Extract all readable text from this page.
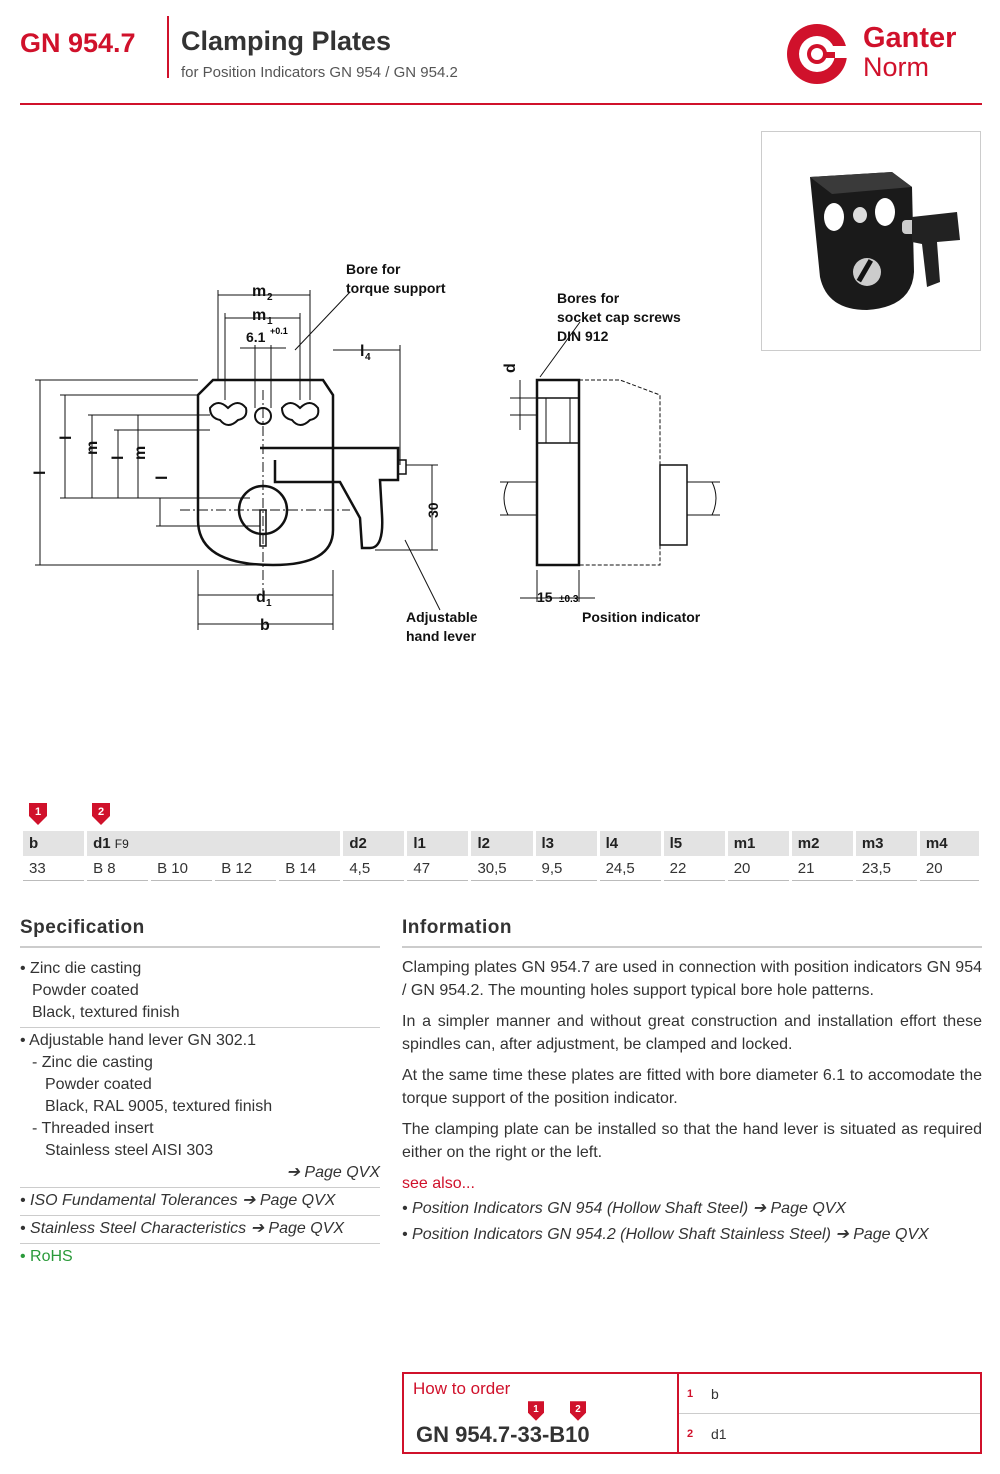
GN 954.7 Clamping Plates
for Position Indicators GN 954 / GN 954.2
Ganter
Norm
Bore for
torque support
Bores for
socket cap screws
DIN 912
Adjustable
hand lever
Position indicator
6.1 +0.1
30
15 ±0.3
m 2
m 1
l 4
d 1
b
l
l
m
l m
l
d
1	2
b	d1 F9				d2	l1	l2	l3	l4	l5	m1	m2	m3	m4
33	B 8	B 10	B 12	B 14	4,5	47	30,5	9,5	24,5	22	20	21	23,5	20
Specification
• Zinc die casting
Powder coated
Black, textured finish
• Adjustable hand lever GN 302.1
- Zinc die casting
Powder coated
Black, RAL 9005, textured finish
- Threaded insert
Stainless steel AISI 303
➔ Page QVX
• ISO Fundamental Tolerances ➔ Page QVX
• Stainless Steel Characteristics ➔ Page QVX
• RoHS
Information

Clamping plates GN 954.7 are used in connection with position indicators GN 954 / GN 954.2. The mounting holes support typical bore hole patterns.

In a simpler manner and without great construction and installation effort these spindles can, after adjustment, be clamped and locked.

At the same time these plates are fitted with bore diameter 6.1 to accomodate the torque support of the position indicator.

The clamping plate can be installed so that the hand lever is situated as required either on the right or the left.

see also...
• Position Indicators GN 954 (Hollow Shaft Steel) ➔ Page QVX
• Position Indicators GN 954.2 (Hollow Shaft Stainless Steel) ➔ Page QVX
How to order
1	2
GN 954.7-33-B10
1 b
2 d1
